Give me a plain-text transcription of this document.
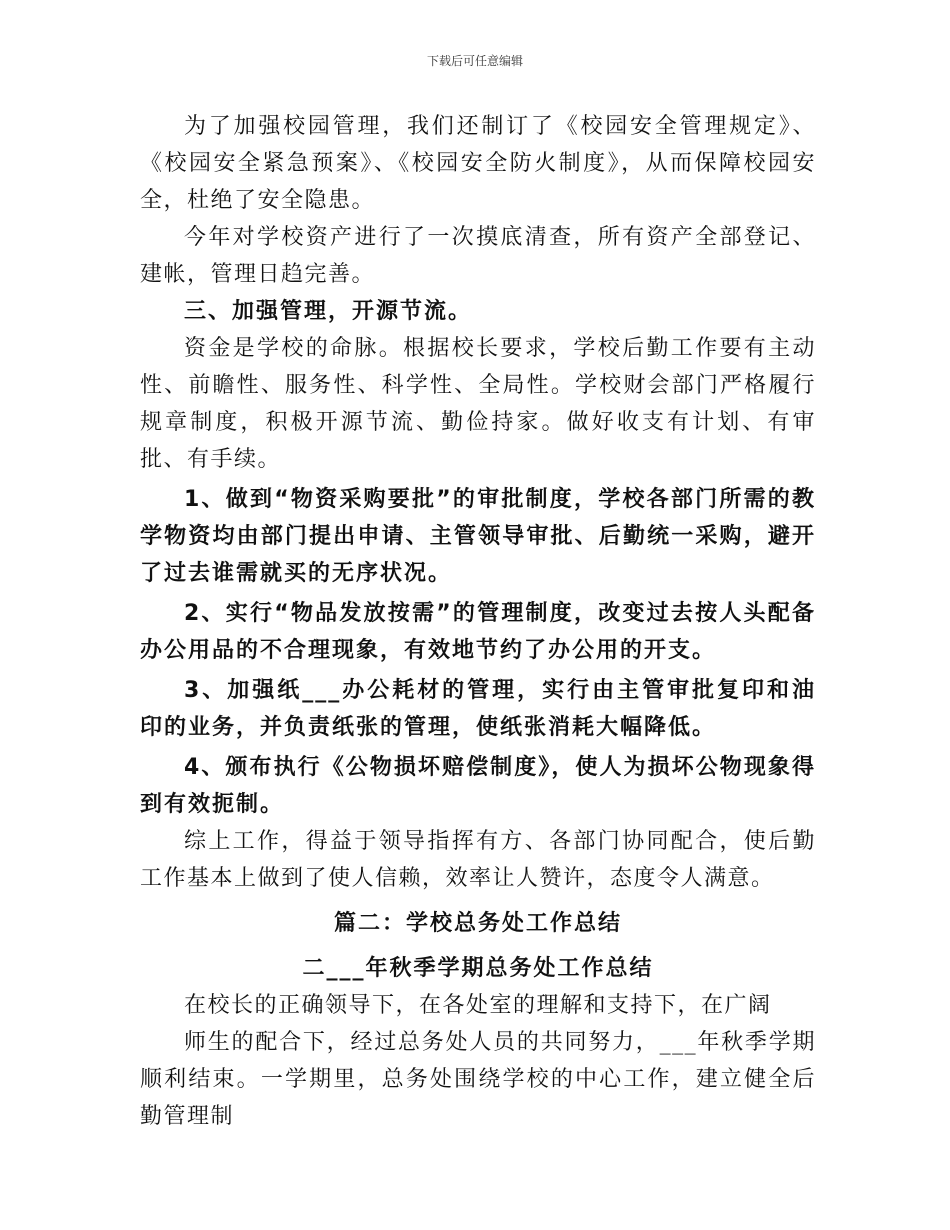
下载后可任意编辑

为了加强校园管理，我们还制订了《校园安全管理规定》、《校园安全紧急预案》、《校园安全防火制度》，从而保障校园安全，杜绝了安全隐患。

今年对学校资产进行了一次摸底清查，所有资产全部登记、建帐，管理日趋完善。

三、加强管理，开源节流。

资金是学校的命脉。根据校长要求，学校后勤工作要有主动性、前瞻性、服务性、科学性、全局性。学校财会部门严格履行规章制度，积极开源节流、勤俭持家。做好收支有计划、有审批、有手续。

1、做到“物资采购要批”的审批制度，学校各部门所需的教学物资均由部门提出申请、主管领导审批、后勤统一采购，避开了过去谁需就买的无序状况。

2、实行“物品发放按需”的管理制度，改变过去按人头配备办公用品的不合理现象，有效地节约了办公用的开支。

3、加强纸___办公耗材的管理，实行由主管审批复印和油印的业务，并负责纸张的管理，使纸张消耗大幅降低。

4、颁布执行《公物损坏赔偿制度》，使人为损坏公物现象得到有效扼制。

综上工作，得益于领导指挥有方、各部门协同配合，使后勤工作基本上做到了使人信赖，效率让人赞许，态度令人满意。

篇二：学校总务处工作总结

二___年秋季学期总务处工作总结

在校长的正确领导下，在各处室的理解和支持下，在广阔

师生的配合下，经过总务处人员的共同努力，___年秋季学期顺利结束。一学期里，总务处围绕学校的中心工作，建立健全后勤管理制
